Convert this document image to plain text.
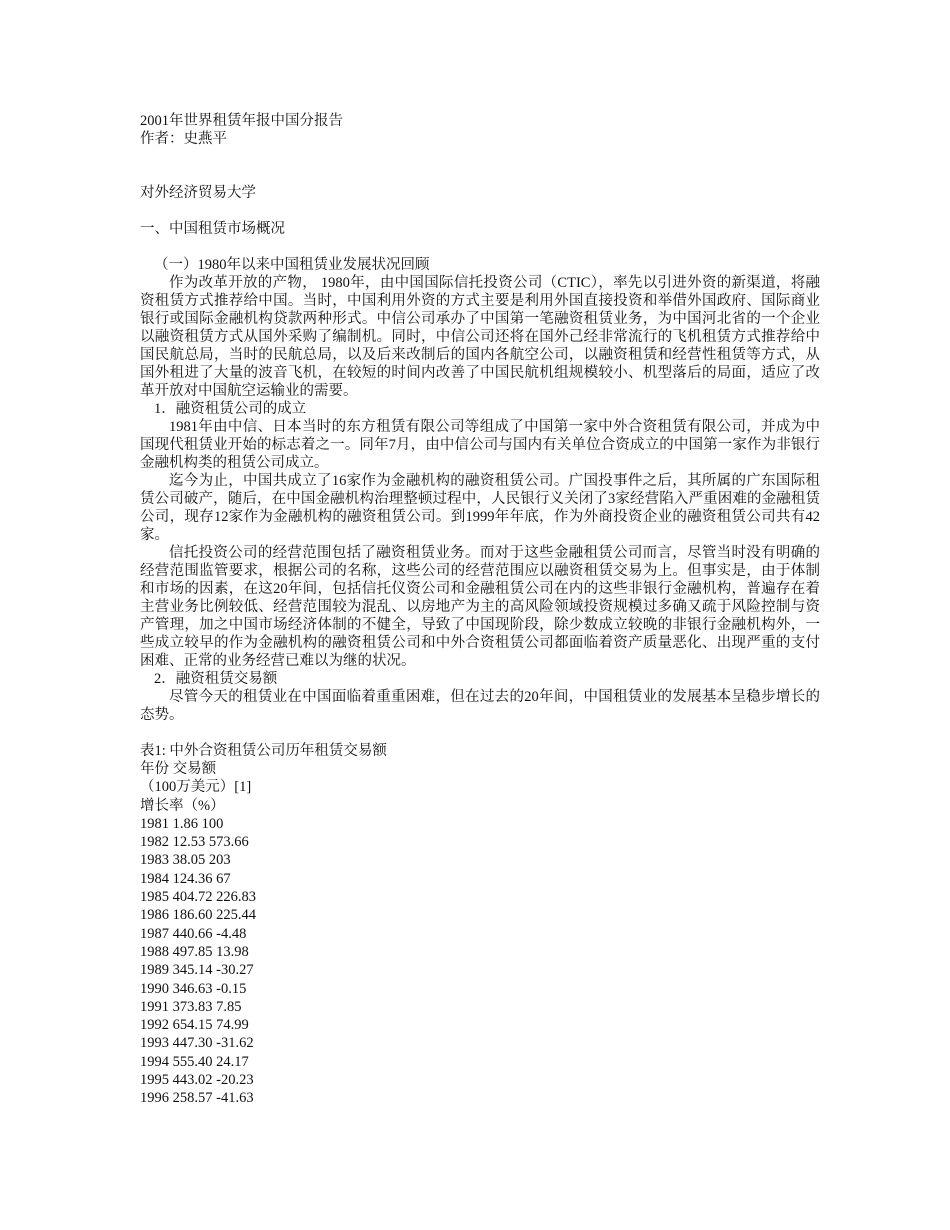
2001年世界租赁年报中国分报告
作者：史燕平
对外经济贸易大学
一、中国租赁市场概况
（一）1980年以来中国租赁业发展状况回顾
作为改革开放的产物， 1980年，由中国国际信托投资公司（CTIC），率先以引进外资的新渠道，将融资租赁方式推荐给中国。当时，中国利用外资的方式主要是利用外国直接投资和举借外国政府、国际商业银行或国际金融机构贷款两种形式。中信公司承办了中国第一笔融资租赁业务，为中国河北省的一个企业以融资租赁方式从国外采购了编制机。同时，中信公司还将在国外己经非常流行的飞机租赁方式推荐给中国民航总局，当时的民航总局，以及后来改制后的国内各航空公司，以融资租赁和经营性租赁等方式，从国外租进了大量的波音飞机，在较短的时间内改善了中国民航机组规模较小、机型落后的局面，适应了改革开放对中国航空运输业的需要。
1．融资租赁公司的成立
1981年由中信、日本当时的东方租赁有限公司等组成了中国第一家中外合资租赁有限公司，并成为中国现代租赁业开始的标志着之一。同年7月，由中信公司与国内有关单位合资成立的中国第一家作为非银行金融机构类的租赁公司成立。
迄今为止，中国共成立了16家作为金融机构的融资租赁公司。广国投事件之后，其所属的广东国际租赁公司破产，随后，在中国金融机构治理整顿过程中，人民银行义关闭了3家经营陷入严重困难的金融租赁公司，现存12家作为金融机构的融资租赁公司。到1999年年底，作为外商投资企业的融资租赁公司共有42家。
信托投资公司的经营范围包括了融资租赁业务。而对于这些金融租赁公司而言，尽管当时没有明确的经营范围监管要求，根据公司的名称，这些公司的经营范围应以融资租赁交易为上。但事实是，由于体制和市场的因素，在这20年间，包括信托仪资公司和金融租赁公司在内的这些非银行金融机构，普遍存在着主营业务比例较低、经营范围较为混乱、以房地产为主的高风险领域投资规模过多确又疏于风险控制与资产管理，加之中国市场经济体制的不健全，导致了中国现阶段，除少数成立较晚的非银行金融机构外，一些成立较早的作为金融机构的融资租赁公司和中外合资租赁公司都面临着资产质量恶化、出现严重的支付困难、正常的业务经营已难以为继的状况。
2．融资租赁交易额
尽管今天的租赁业在中国面临着重重困难，但在过去的20年间，中国租赁业的发展基本呈稳步增长的态势。
表1: 中外合资租赁公司历年租赁交易额
年份 交易额
（100万美元）[1]
增长率（%）
1981 1.86 100
1982 12.53 573.66
1983 38.05 203
1984 124.36 67
1985 404.72 226.83
1986 186.60 225.44
1987 440.66 -4.48
1988 497.85 13.98
1989 345.14 -30.27
1990 346.63 -0.15
1991 373.83 7.85
1992 654.15 74.99
1993 447.30 -31.62
1994 555.40 24.17
1995 443.02 -20.23
1996 258.57 -41.63
